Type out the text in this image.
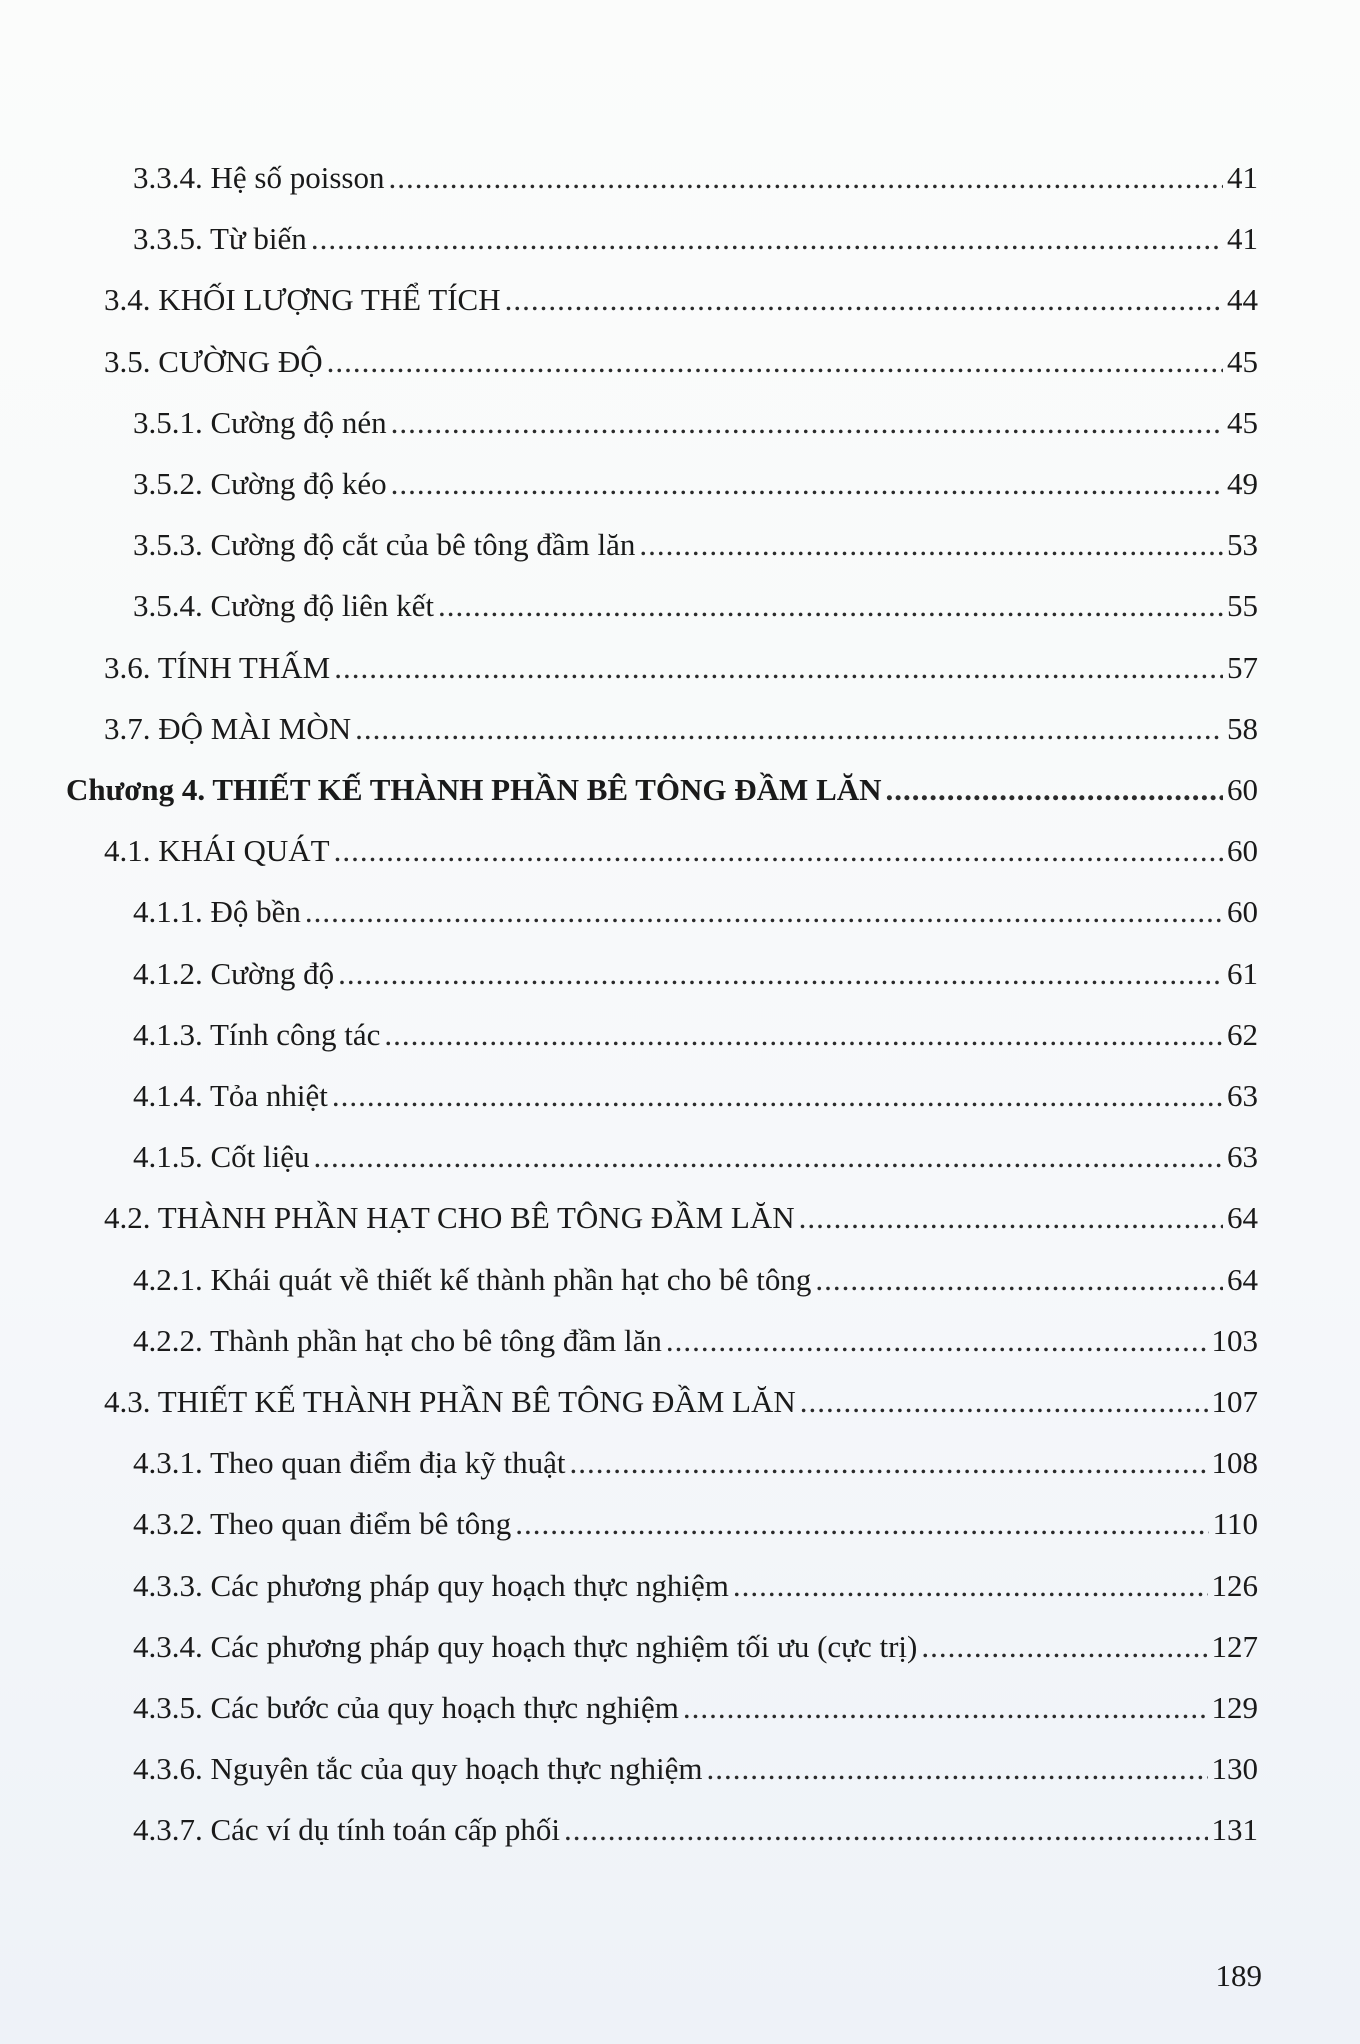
3.3.4. Hệ số poisson .....	41
3.3.5. Từ biến .....	41
3.4. KHỐI LƯỢNG THỂ TÍCH .....	44
3.5. CƯỜNG ĐỘ .....	45
3.5.1. Cường độ nén .....	45
3.5.2. Cường độ kéo .....	49
3.5.3. Cường độ cắt của bê tông đầm lăn .....	53
3.5.4. Cường độ liên kết .....	55
3.6. TÍNH THẤM .....	57
3.7. ĐỘ MÀI MÒN .....	58
Chương 4. THIẾT KẾ THÀNH PHẦN BÊ TÔNG ĐẦM LĂN .....	60
4.1. KHÁI QUÁT .....	60
4.1.1. Độ bền .....	60
4.1.2. Cường độ .....	61
4.1.3. Tính công tác .....	62
4.1.4. Tỏa nhiệt .....	63
4.1.5. Cốt liệu .....	63
4.2. THÀNH PHẦN HẠT CHO BÊ TÔNG ĐẦM LĂN .....	64
4.2.1. Khái quát về thiết kế thành phần hạt cho bê tông .....	64
4.2.2. Thành phần hạt cho bê tông đầm lăn .....	103
4.3. THIẾT KẾ THÀNH PHẦN BÊ TÔNG ĐẦM LĂN .....	107
4.3.1. Theo quan điểm địa kỹ thuật .....	108
4.3.2. Theo quan điểm bê tông .....	110
4.3.3. Các phương pháp quy hoạch thực nghiệm .....	126
4.3.4. Các phương pháp quy hoạch thực nghiệm tối ưu (cực trị) .....	127
4.3.5. Các bước của quy hoạch thực nghiệm .....	129
4.3.6. Nguyên tắc của quy hoạch thực nghiệm .....	130
4.3.7. Các ví dụ tính toán cấp phối .....	131
189
